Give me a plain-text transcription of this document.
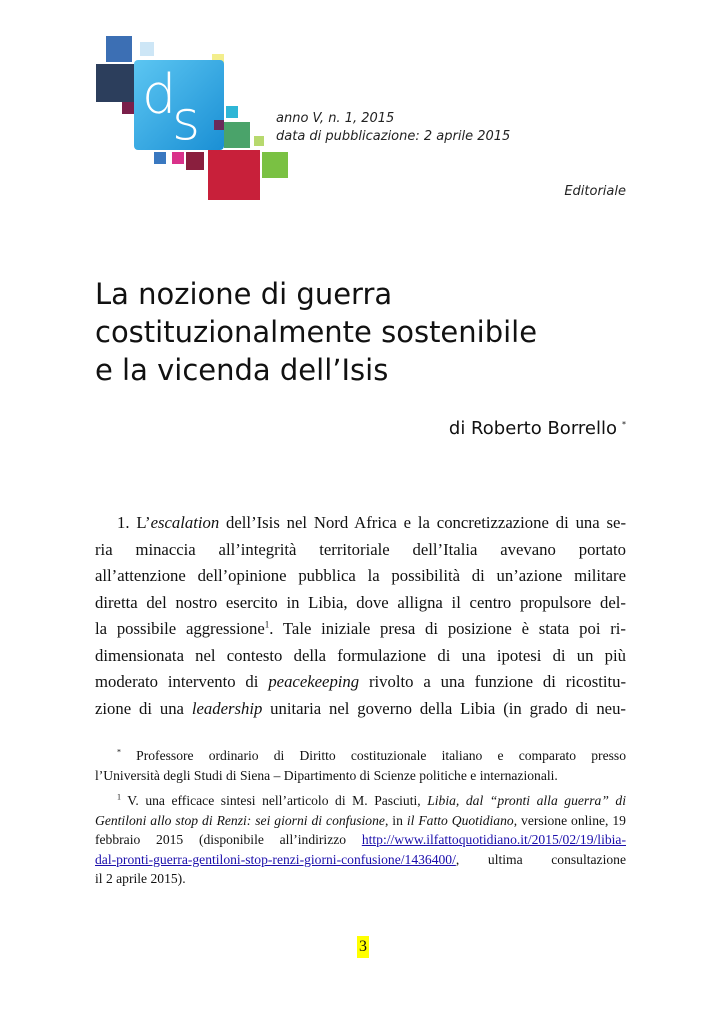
d
s	anno V, n. 1, 2015
data di pubblicazione: 2 aprile 2015
Editoriale
La nozione di guerra
costituzionalmente sostenibile
e la vicenda dell’Isis
di Roberto Borrello *
1. L’escalation dell’Isis nel Nord Africa e la concretizzazione di una se-
ria minaccia all’integrità territoriale dell’Italia avevano portato
all’attenzione dell’opinione pubblica la possibilità di un’azione militare
diretta del nostro esercito in Libia, dove alligna il centro propulsore del-
la possibile aggressione$^1$. Tale iniziale presa di posizione è stata poi ri-
dimensionata nel contesto della formulazione di una ipotesi di un più
moderato intervento di peacekeeping rivolto a una funzione di ricostitu-
zione di una leadership unitaria nel governo della Libia (in grado di neu-
* Professore ordinario di Diritto costituzionale italiano e comparato presso
l’Università degli Studi di Siena – Dipartimento di Scienze politiche e internazionali.
$^1$ V. una efficace sintesi nell’articolo di M. Pasciuti, Libia, dal “pronti alla guerra” di
Gentiloni allo stop di Renzi: sei giorni di confusione, in il Fatto Quotidiano, versione online, 19
febbraio 2015 (disponibile all’indirizzo http://www.ilfattoquotidiano.it/2015/02/19/libia-
dal-pronti-guerra-gentiloni-stop-renzi-giorni-confusione/1436400/, ultima consultazione
il 2 aprile 2015).
3
